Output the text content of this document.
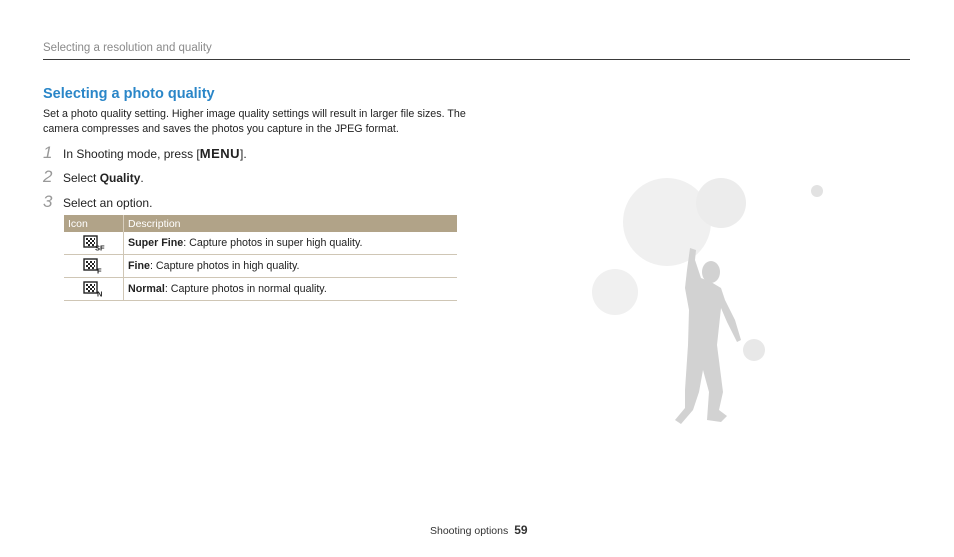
Selecting a resolution and quality
Selecting a photo quality
Set a photo quality setting. Higher image quality settings will result in larger file sizes. The camera compresses and saves the photos you capture in the JPEG format.
1 In Shooting mode, press [MENU].
2 Select Quality.
3 Select an option.
Icon	Description

SF	Super Fine: Capture photos in super high quality.

F	Fine: Capture photos in high quality.

N	Normal: Capture photos in normal quality.
Shooting options 59
